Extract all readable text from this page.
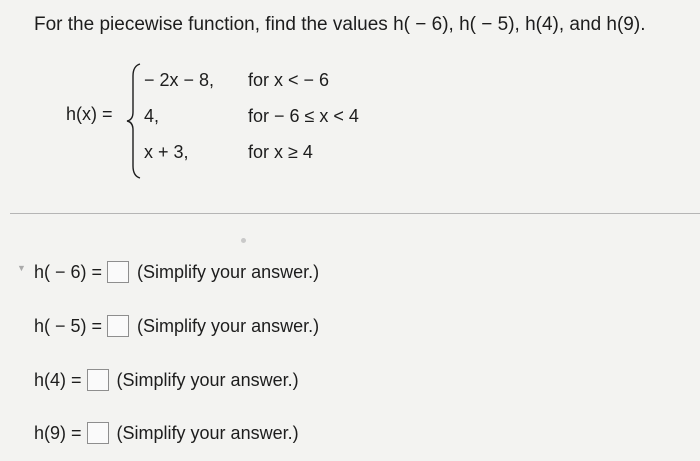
For the piecewise function, find the values h( − 6), h( − 5), h(4), and h(9).
h(x) =
− 2x − 8, for x < − 6
4,	for − 6 ≤ x < 4
x + 3,	for x ≥ 4
▼ h( − 6) = (Simplify your answer.)
h( − 5) = (Simplify your answer.)
h(4) = (Simplify your answer.)
h(9) = (Simplify your answer.)
